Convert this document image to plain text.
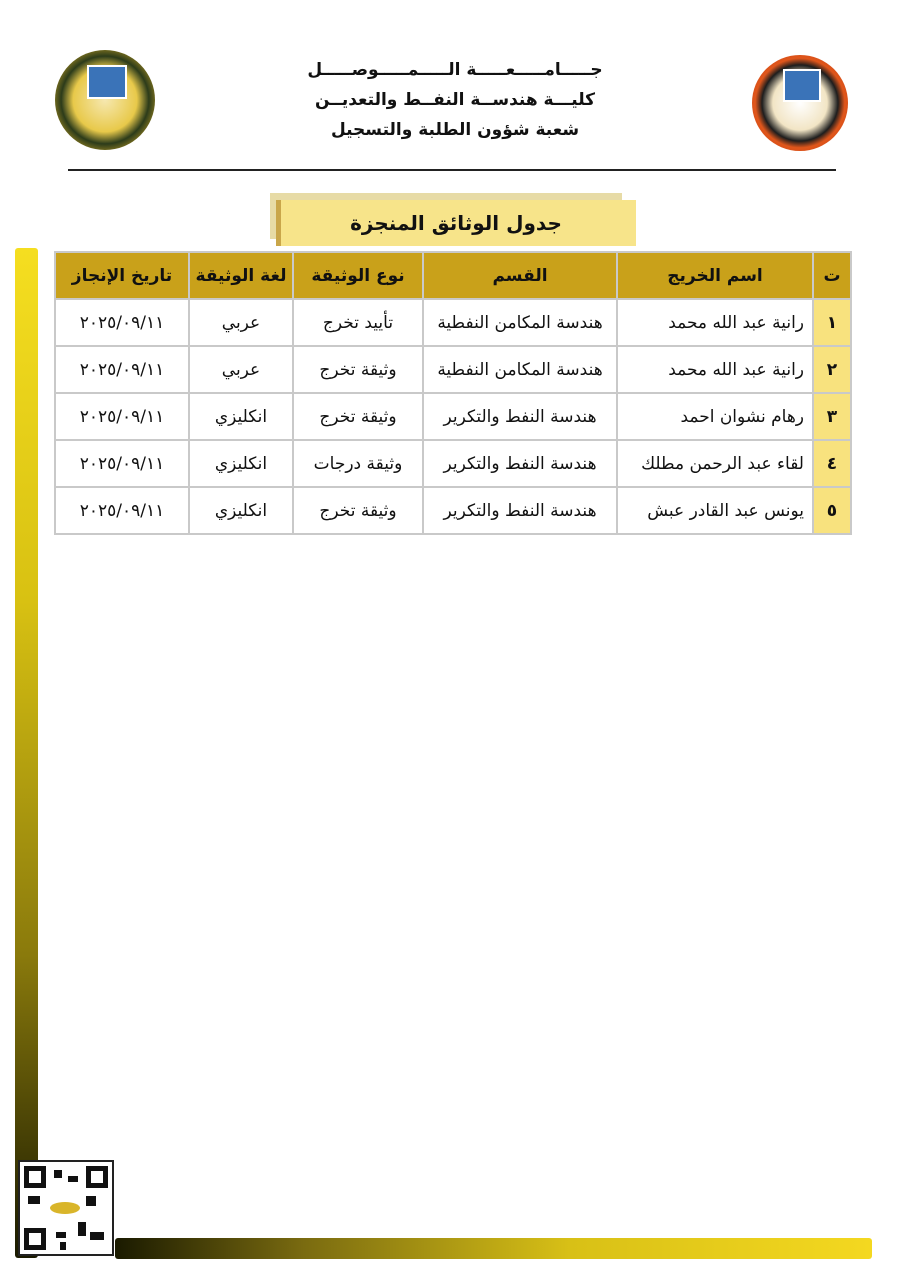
جـــــامـــــعـــــة الـــــمـــــوصـــــل
كليـــة هندســة النفــط والتعديــن
شعبة شؤون الطلبة والتسجيل
جدول الوثائق المنجزة
ت	اسم الخريج	القسم	نوع الوثيقة	لغة الوثيقة	تاريخ الإنجاز
١	رانية عبد الله محمد	هندسة المكامن النفطية	تأييد تخرج	عربي	٢٠٢٥/٠٩/١١
٢	رانية عبد الله محمد	هندسة المكامن النفطية	وثيقة تخرج	عربي	٢٠٢٥/٠٩/١١
٣	رهام نشوان احمد	هندسة النفط والتكرير	وثيقة تخرج	انكليزي	٢٠٢٥/٠٩/١١
٤	لقاء عبد الرحمن مطلك	هندسة النفط والتكرير	وثيقة درجات	انكليزي	٢٠٢٥/٠٩/١١
٥	يونس عبد القادر عبش	هندسة النفط والتكرير	وثيقة تخرج	انكليزي	٢٠٢٥/٠٩/١١
